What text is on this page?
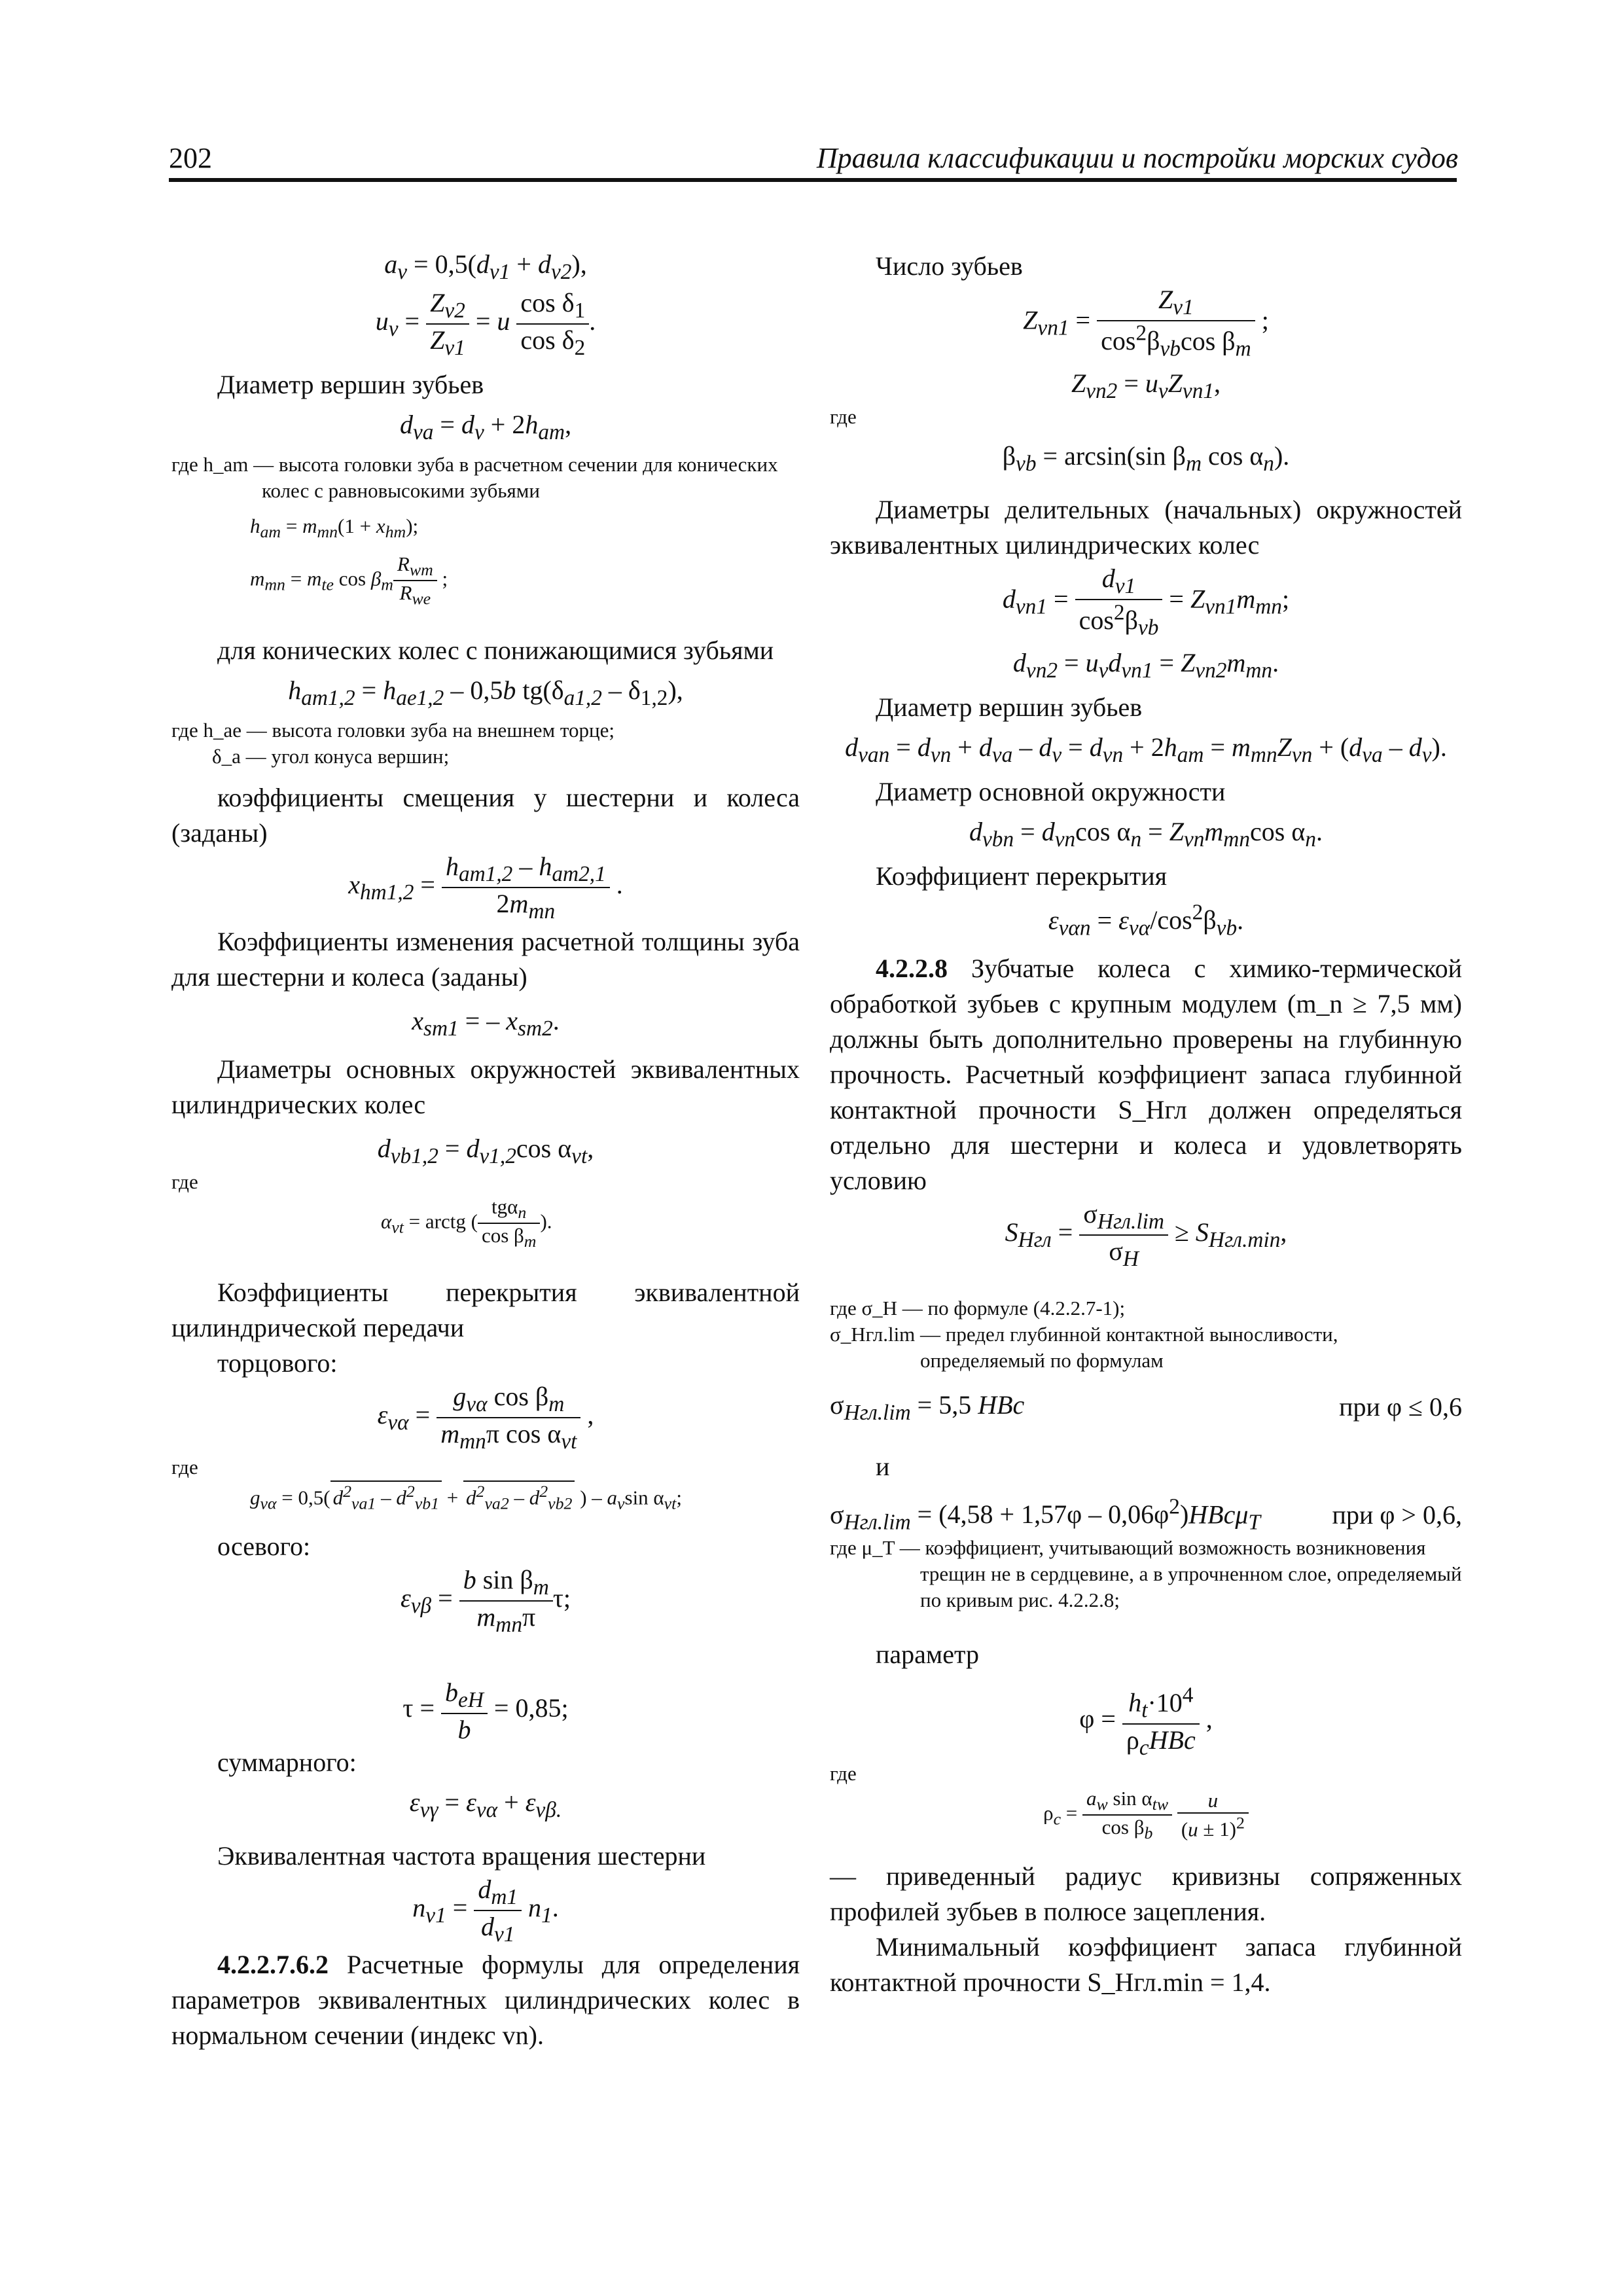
202	Правила классификации и постройки морских судов
$a_v = 0,5(d_{v1} + d_{v2})$,
$u_v = \frac{Z_{v2}}{Z_{v1}} = u \frac{\cos \delta_1}{\cos \delta_2}$ .

Диаметр вершин зубьев

$d_{va} = d_v + 2h_{am}$,

где h_am — высота головки зуба в расчетном сечении для конических колес с равновысокими зубьями

$h_{am} = m_{mn}(1 + x_{hm})$;
$m_{mn} = m_{te}$ $\cos \beta_m \frac{R_{wm}}{R_{we}}$ ;

для конических колес с понижающимися зубьями

$h_{am1,2} = h_{ae1,2} - 0,5b$ $tg(\delta_{a1,2} - \delta_{1,2})$,

где h_ae — высота головки зуба на внешнем торце;

δ_a — угол конуса вершин;

коэффициенты смещения у шестерни и колеса (заданы)

$x_{hm1,2} = \frac{h_{am1,2} - h_{am2,1}}{2m_{mn}}$ .

Коэффициенты изменения расчетной толщины зуба для шестерни и колеса (заданы)

$x_{sm1}$ = – $x_{sm2}$.

Диаметры основных окружностей эквивалентных цилиндрических колес

$d_{vb1,2} = d_{v1,2}\cos$ $\alpha_{vt}$,

где

$\alpha_{vt}$ = arctg ( $\frac{tg\alpha_n}{\cos \beta_m}$ ).

Коэффициенты перекрытия эквивалентной цилиндрической передачи

торцового:

$\varepsilon_{v\alpha} = \frac{g_{v\alpha} \cos \beta_m}{m_{mn}\pi \cos \alpha_{vt}}$ ,

где

$g_{v\alpha} = 0,5$( $d^2_{va1} - d^2_{vb1} + d^2_{va2} - d^2_{vb2}$ ) – $a_v\sin$ $\alpha_{vt}$;

осевого:

$\varepsilon_{v\beta} = \frac{b \sin \beta_m}{m_{mn}\pi} \tau$;
$\tau = \frac{b_{eH}}{b} = 0,85$;

суммарного:

$\varepsilon_{v\gamma} = \varepsilon_{v\alpha} + \varepsilon_{v\beta.}$

Эквивалентная частота вращения шестерни

$n_{v1} = \frac{d_{m1}}{d_{v1}} n_1$.

4.2.2.7.6.2 Расчетные формулы для определения параметров эквивалентных цилиндрических колес в нормальном сечении (индекс vn).

Число зубьев

$Z_{vn1} = \frac{Z_{v1}}{\cos^2\beta_{vb}\cos \beta_m}$ ;
$Z_{vn2} = u_vZ_{vn1}$,

где

$\beta_{vb} = \arcsin(\sin$ $\beta_m$ $\cos \alpha_n$).

Диаметры делительных (начальных) окружностей эквивалентных цилиндрических колес

$d_{vn1} = \frac{d_{v1}}{\cos^2\beta_{vb}} = Z_{vn1}m_{mn}$;
$d_{vn2} = u_vd_{vn1} = Z_{vn2}m_{mn}$.

Диаметр вершин зубьев

$d_{van} = d_{vn} + d_{va} - d_v = d_{vn} + 2h_{am} = m_{mn}Z_{vn} + (d_{va} - d_v)$.

Диаметр основной окружности

$d_{vbn} = d_{vn}\cos$ $\alpha_n = Z_{vn}m_{mn}\cos$ $\alpha_n$.

Коэффициент перекрытия

$\varepsilon_{v\alpha n} = \varepsilon_{v\alpha}/\cos^2\beta_{vb}$.

4.2.2.8 Зубчатые колеса с химико-термической обработкой зубьев с крупным модулем (m_n ≥ 7,5 мм) должны быть дополнительно проверены на глубинную прочность. Расчетный коэффициент запаса глубинной контактной прочности S_Hгл должен определяться отдельно для шестерни и колеса и удовлетворять условию

$S_{Hгл} = \frac{\sigma_{Hгл.lim}}{\sigma_H} \ge S_{Hгл.min}$,

где σ_H — по формуле (4.2.2.7-1);

σ_Hгл.lim — предел глубинной контактной выносливости, определяемый по формулам

$\sigma_{Hгл.lim} = 5,5$ HBc	при φ ≤ 0,6

и

$\sigma_{Hгл.lim} = (4,58 + 1,57\varphi - 0,06\varphi^2)HBc\mu_T$	при φ > 0,6,

где μ_T — коэффициент, учитывающий возможность возникновения трещин не в сердцевине, а в упрочненном слое, определяемый по кривым рис. 4.2.2.8;

параметр

$\varphi = \frac{h_t\cdot 10^4}{\rho_cHBc}$ ,

где

$\rho_c = \frac{a_w \sin \alpha_{tw}}{\cos \beta_b}$
$\frac{u}{(u \pm 1)^2}$

— приведенный радиус кривизны сопряженных профилей зубьев в полюсе зацепления.

Минимальный коэффициент запаса глубинной контактной прочности S_Hгл.min = 1,4.
